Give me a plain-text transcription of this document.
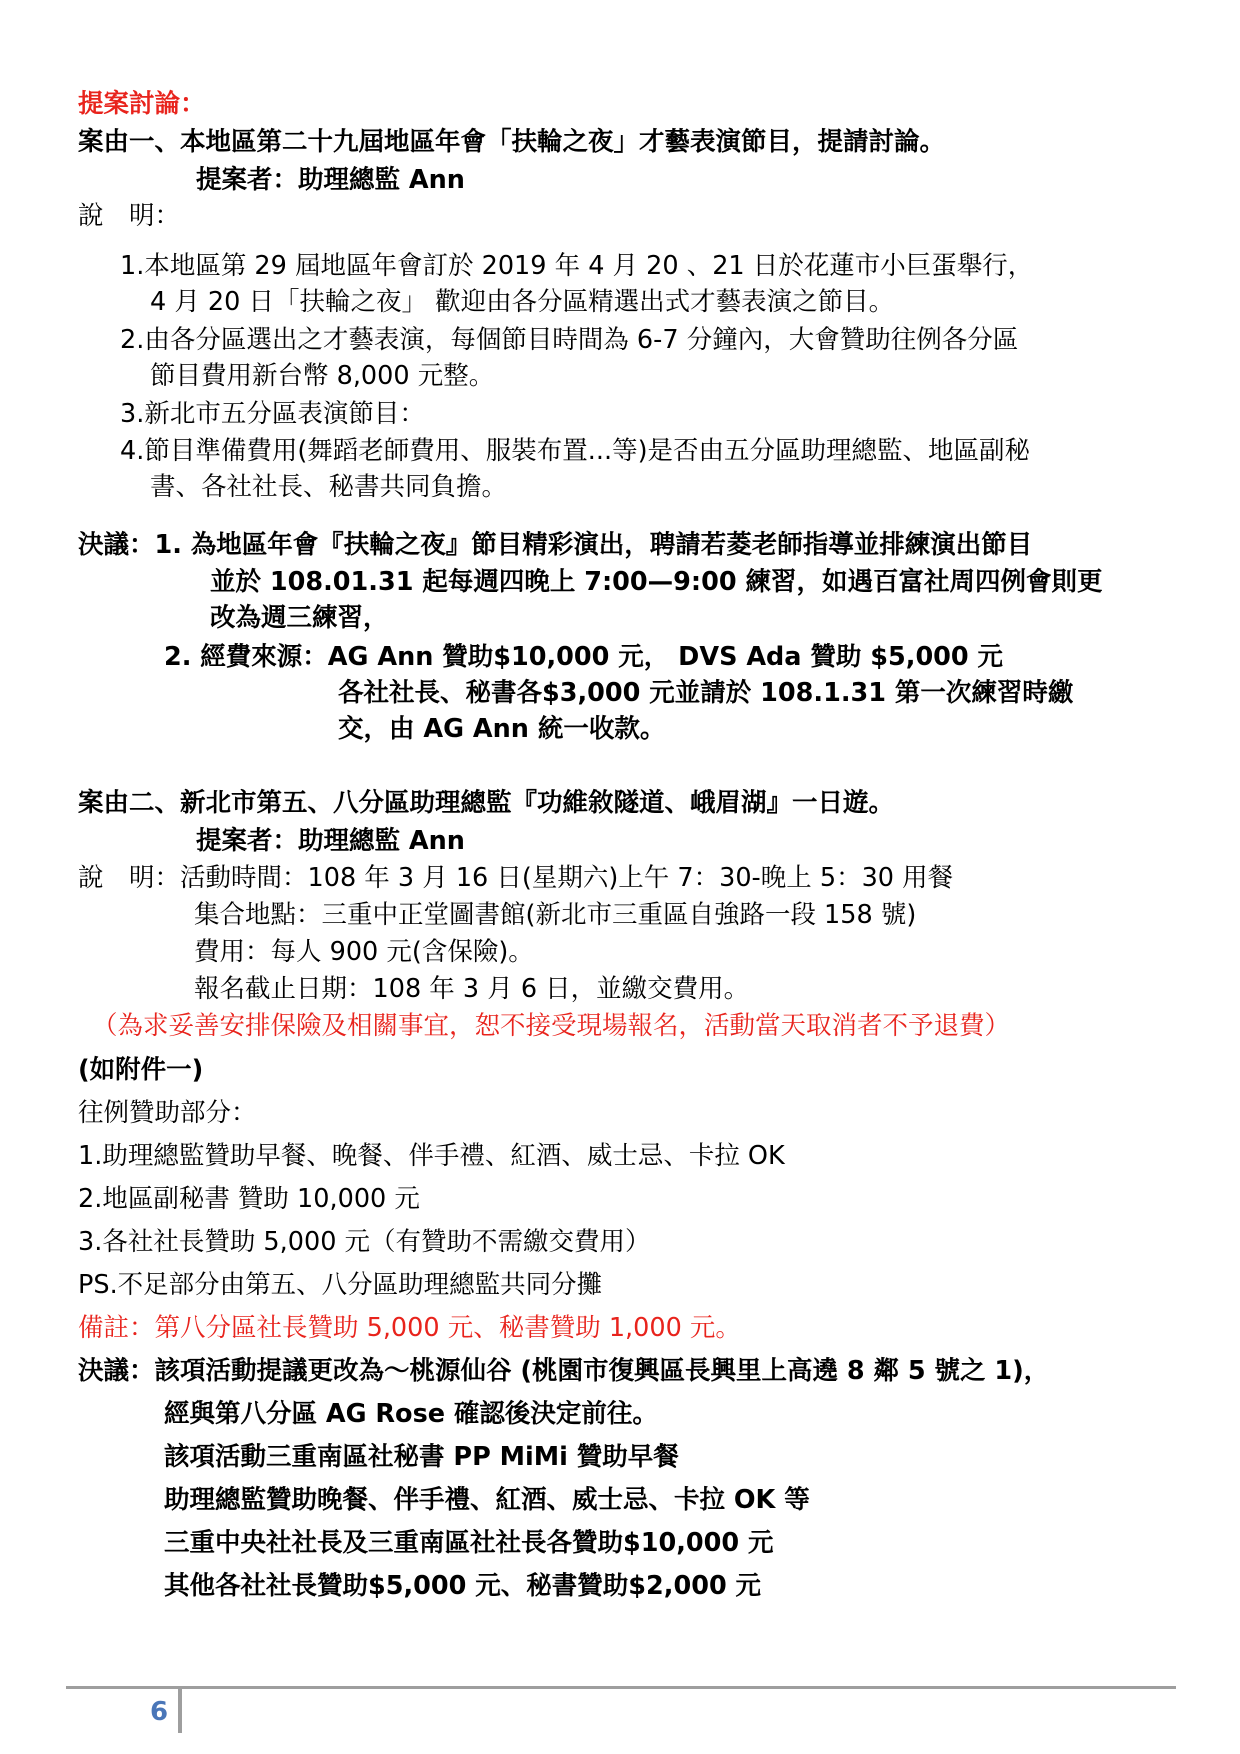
提案討論：
案由一、本地區第二十九屆地區年會「扶輪之夜」才藝表演節目，提請討論。
提案者：助理總監 Ann
說　明：
1.本地區第 29 屆地區年會訂於 2019 年 4 月 20 、21 日於花蓮市小巨蛋舉行，
4 月 20 日「扶輪之夜」 歡迎由各分區精選出式才藝表演之節目。
2.由各分區選出之才藝表演，每個節目時間為 6-7 分鐘內，大會贊助往例各分區
節目費用新台幣 8,000 元整。
3.新北市五分區表演節目：
4.節目準備費用(舞蹈老師費用、服裝布置...等)是否由五分區助理總監、地區副秘
書、各社社長、秘書共同負擔。
決議：1. 為地區年會『扶輪之夜』節目精彩演出，聘請若菱老師指導並排練演出節目
並於 108.01.31 起每週四晚上 7:00—9:00 練習，如遇百富社周四例會則更
改為週三練習，
2. 經費來源：AG Ann 贊助$10,000 元， DVS Ada 贊助 $5,000 元
各社社長、秘書各$3,000 元並請於 108.1.31 第一次練習時繳
交，由 AG Ann 統一收款。
案由二、新北市第五、八分區助理總監『功維敘隧道、峨眉湖』一日遊。
提案者：助理總監 Ann
說　明：活動時間：108 年 3 月 16 日(星期六)上午 7：30-晚上 5：30 用餐
集合地點：三重中正堂圖書館(新北市三重區自強路一段 158 號)
費用：每人 900 元(含保險)。
報名截止日期：108 年 3 月 6 日，並繳交費用。
（為求妥善安排保險及相關事宜，恕不接受現場報名，活動當天取消者不予退費）
(如附件一)
往例贊助部分：
1.助理總監贊助早餐、晚餐、伴手禮、紅酒、威士忌、卡拉 OK
2.地區副秘書 贊助 10,000 元
3.各社社長贊助 5,000 元（有贊助不需繳交費用）
PS.不足部分由第五、八分區助理總監共同分攤
備註：第八分區社長贊助 5,000 元、秘書贊助 1,000 元。
決議：該項活動提議更改為～桃源仙谷 (桃園市復興區長興里上高遶 8 鄰 5 號之 1)，
經與第八分區 AG Rose 確認後決定前往。
該項活動三重南區社秘書 PP MiMi 贊助早餐
助理總監贊助晚餐、伴手禮、紅酒、威士忌、卡拉 OK 等
三重中央社社長及三重南區社社長各贊助$10,000 元
其他各社社長贊助$5,000 元、秘書贊助$2,000 元
6
